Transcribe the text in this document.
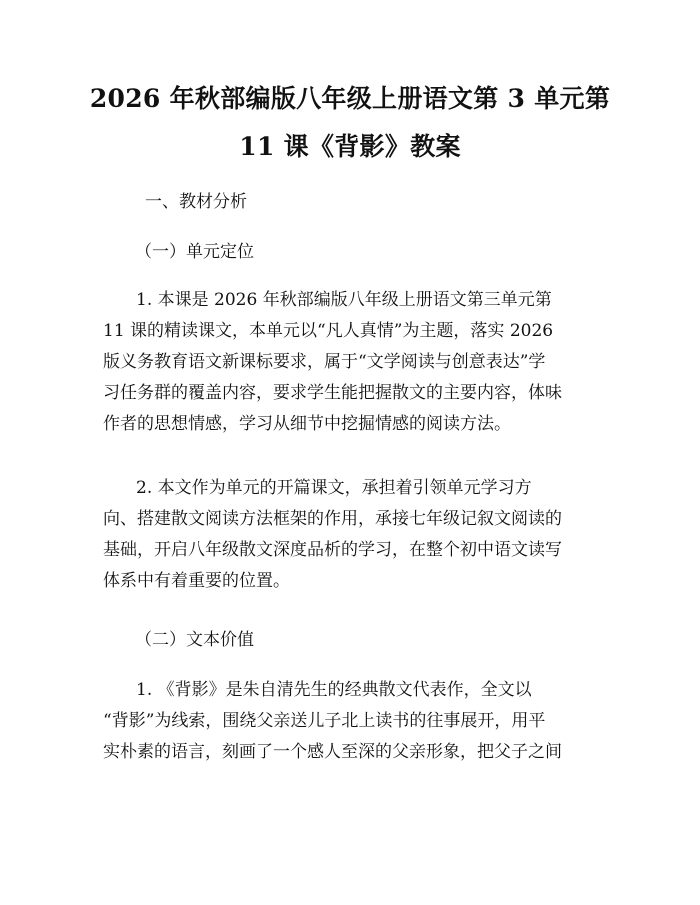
2026 年秋部编版八年级上册语文第 3 单元第
11 课《背影》教案
一、教材分析
（一）单元定位
1. 本课是 2026 年秋部编版八年级上册语文第三单元第
11 课的精读课文，本单元以“凡人真情”为主题，落实 2026
版义务教育语文新课标要求，属于“文学阅读与创意表达”学
习任务群的覆盖内容，要求学生能把握散文的主要内容，体味
作者的思想情感，学习从细节中挖掘情感的阅读方法。
2. 本文作为单元的开篇课文，承担着引领单元学习方
向、搭建散文阅读方法框架的作用，承接七年级记叙文阅读的
基础，开启八年级散文深度品析的学习，在整个初中语文读写
体系中有着重要的位置。
（二）文本价值
1. 《背影》是朱自清先生的经典散文代表作，全文以
“背影”为线索，围绕父亲送儿子北上读书的往事展开，用平
实朴素的语言，刻画了一个感人至深的父亲形象，把父子之间
